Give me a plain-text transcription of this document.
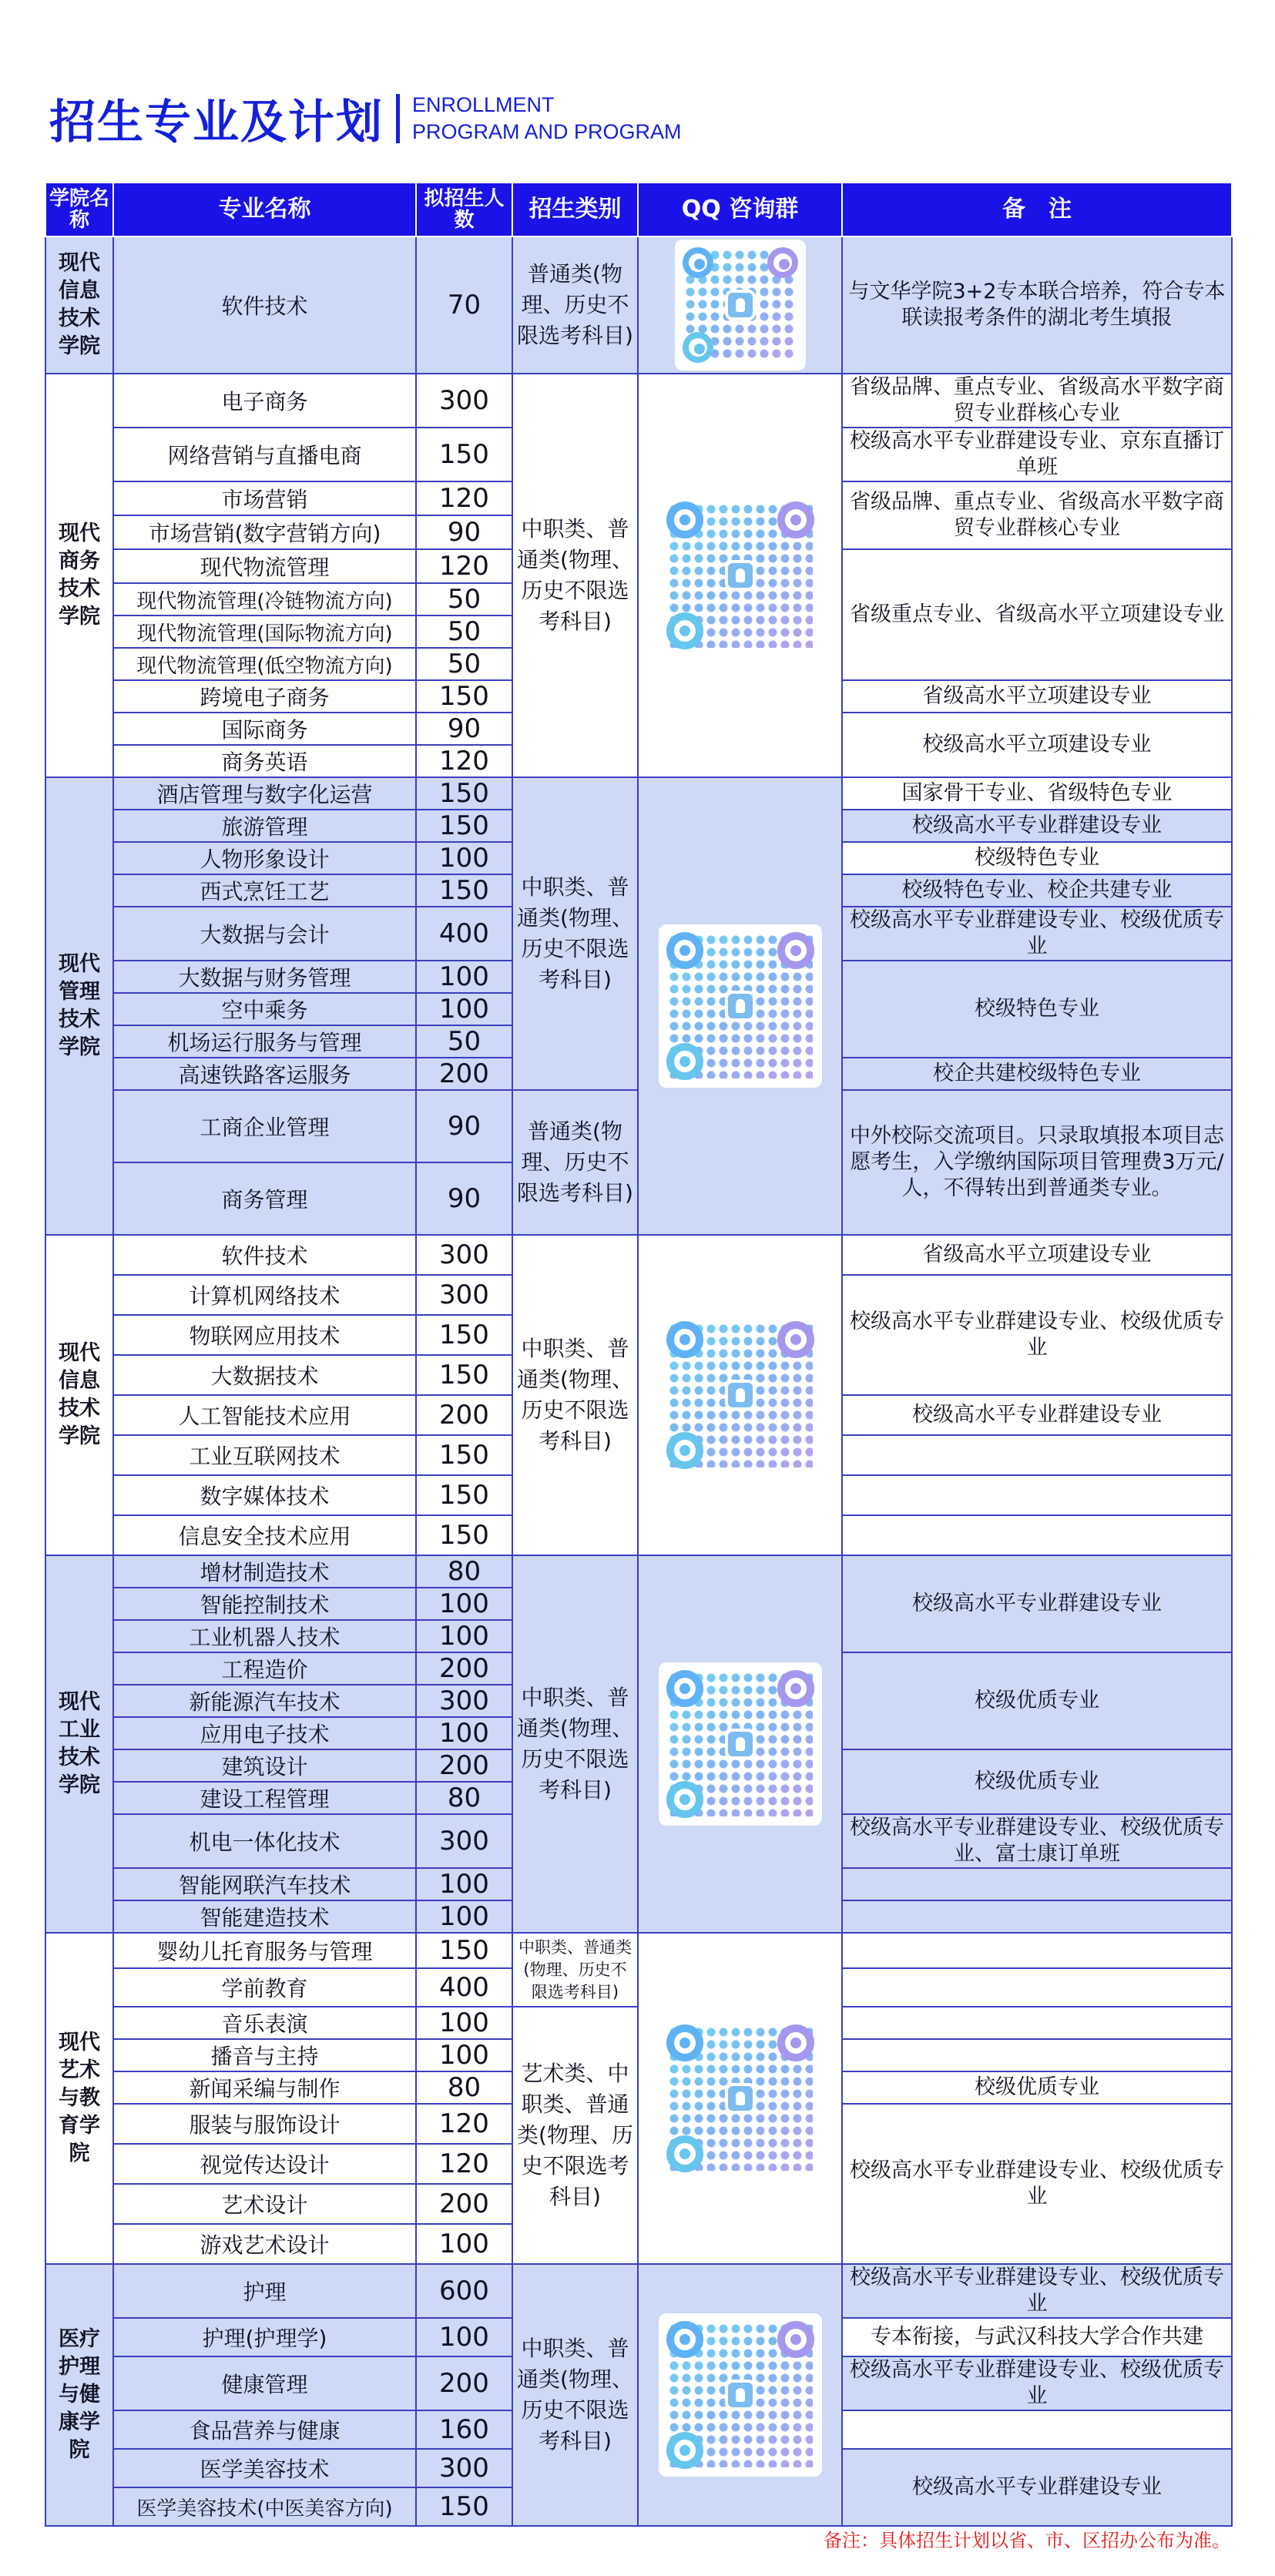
招生专业及计划 ENROLLMENT
PROGRAM AND PROGRAM
学院名称	专业名称	拟招生人数	招生类别	QQ 咨询群	备　注
现代信息技术学院	软件技术	70	普通类(物理、历史不限选考科目)		与文华学院3+2专本联合培养，符合专本联读报考条件的湖北考生填报
现代商务技术学院	电子商务	300	中职类、普通类(物理、历史不限选考科目)		省级品牌、重点专业、省级高水平数字商贸专业群核心专业
	网络营销与直播电商	150			校级高水平专业群建设专业、京东直播订单班
	市场营销	120			省级品牌、重点专业、省级高水平数字商贸专业群核心专业
	市场营销(数字营销方向)	90			
	现代物流管理	120			省级重点专业、省级高水平立项建设专业
	现代物流管理(冷链物流方向)	50			
	现代物流管理(国际物流方向)	50			
	现代物流管理(低空物流方向)	50			
	跨境电子商务	150			省级高水平立项建设专业
	国际商务	90			校级高水平立项建设专业
	商务英语	120			
现代管理技术学院	酒店管理与数字化运营	150	中职类、普通类(物理、历史不限选考科目)		国家骨干专业、省级特色专业
	旅游管理	150			校级高水平专业群建设专业
	人物形象设计	100			校级特色专业
	西式烹饪工艺	150			校级特色专业、校企共建专业
	大数据与会计	400			校级高水平专业群建设专业、校级优质专业
	大数据与财务管理	100			校级特色专业
	空中乘务	100			
	机场运行服务与管理	50			
	高速铁路客运服务	200			校企共建校级特色专业
	工商企业管理	90	普通类(物理、历史不限选考科目)		中外校际交流项目。只录取填报本项目志愿考生，入学缴纳国际项目管理费3万元/人，不得转出到普通类专业。
	商务管理	90			
现代信息技术学院	软件技术	300	中职类、普通类(物理、历史不限选考科目)		省级高水平立项建设专业
	计算机网络技术	300			校级高水平专业群建设专业、校级优质专业
	物联网应用技术	150			
	大数据技术	150			
	人工智能技术应用	200			校级高水平专业群建设专业
	工业互联网技术	150			
	数字媒体技术	150			
	信息安全技术应用	150			
现代工业技术学院	增材制造技术	80	中职类、普通类(物理、历史不限选考科目)		校级高水平专业群建设专业
	智能控制技术	100			
	工业机器人技术	100			
	工程造价	200			校级优质专业
	新能源汽车技术	300			
	应用电子技术	100			
	建筑设计	200			校级优质专业
	建设工程管理	80			
	机电一体化技术	300			校级高水平专业群建设专业、校级优质专业、富士康订单班
	智能网联汽车技术	100			
	智能建造技术	100			
现代艺术与教育学院	婴幼儿托育服务与管理	150	中职类、普通类(物理、历史不限选考科目)	

	学前教育	400			
	音乐表演	100	艺术类、中职类、普通类(物理、历史不限选考科目)		
	播音与主持	100			
	新闻采编与制作	80			校级优质专业
	服装与服饰设计	120			校级高水平专业群建设专业、校级优质专业
	视觉传达设计	120			
	艺术设计	200			
	游戏艺术设计	100			
医疗护理与健康学院	护理	600	中职类、普通类(物理、历史不限选考科目)		校级高水平专业群建设专业、校级优质专业
	护理(护理学)	100			专本衔接，与武汉科技大学合作共建
	健康管理	200			校级高水平专业群建设专业、校级优质专业
	食品营养与健康	160			
	医学美容技术	300			校级高水平专业群建设专业
	医学美容技术(中医美容方向)	150			
备注：具体招生计划以省、市、区招办公布为准。
